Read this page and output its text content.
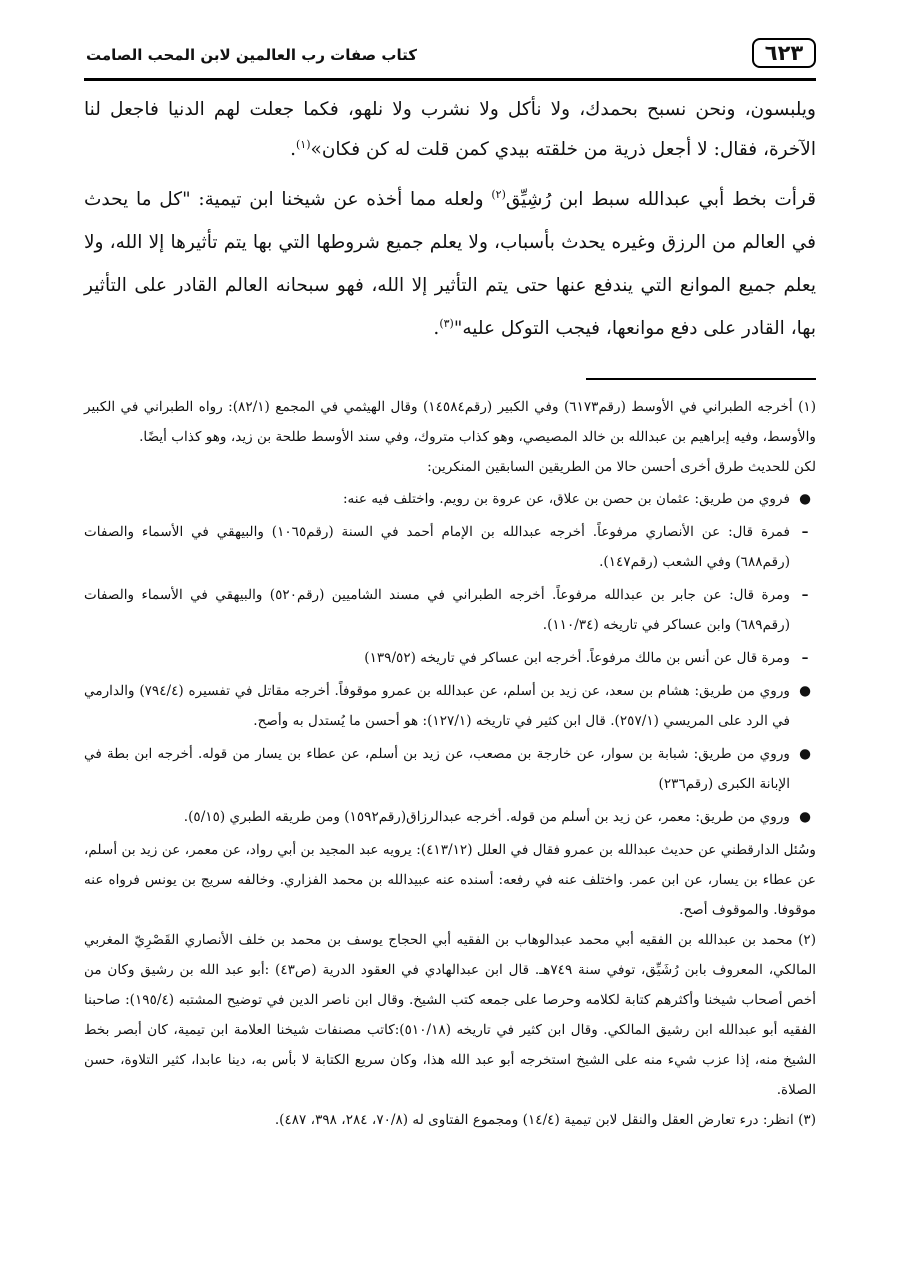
٦٢٣
كتاب صفات رب العالمين لابن المحب الصامت

ويلبسون، ونحن نسبح بحمدك، ولا نأكل ولا نشرب ولا نلهو، فكما جعلت لهم الدنيا فاجعل لنا الآخرة، فقال: لا أجعل ذرية من خلقته بيدي كمن قلت له كن فكان»$^{(١)}$.

قرأت بخط أبي عبدالله سبط ابن رُشِيِّق$^{(٢)}$ ولعله مما أخذه عن شيخنا ابن تيمية: "كل ما يحدث في العالم من الرزق وغيره يحدث بأسباب، ولا يعلم جميع شروطها التي بها يتم تأثيرها إلا الله، ولا يعلم جميع الموانع التي يندفع عنها حتى يتم التأثير إلا الله، فهو سبحانه العالم القادر على التأثير بها، القادر على دفع موانعها، فيجب التوكل عليه"$^{(٣)}$.

(١) أخرجه الطبراني في الأوسط (رقم٦١٧٣) وفي الكبير (رقم١٤٥٨٤) وقال الهيثمي في المجمع (٨٢/١): رواه الطبراني في الكبير والأوسط، وفيه إبراهيم بن عبدالله بن خالد المصيصي، وهو كذاب متروك، وفي سند الأوسط طلحة بن زيد، وهو كذاب أيضًا.

لكن للحديث طرق أخرى أحسن حالا من الطريقين السابقين المنكرين:

●
فروي من طريق: عثمان بن حصن بن علاق، عن عروة بن رويم. واختلف فيه عنه:
–
فمرة قال: عن الأنصاري مرفوعاً. أخرجه عبدالله بن الإمام أحمد في السنة (رقم١٠٦٥) والبيهقي في الأسماء والصفات (رقم٦٨٨) وفي الشعب (رقم١٤٧).
–
ومرة قال: عن جابر بن عبدالله مرفوعاً. أخرجه الطبراني في مسند الشاميين (رقم٥٢٠) والبيهقي في الأسماء والصفات (رقم٦٨٩) وابن عساكر في تاريخه (١١٠/٣٤).
–
ومرة قال عن أنس بن مالك مرفوعاً. أخرجه ابن عساكر في تاريخه (١٣٩/٥٢)
●
وروي من طريق: هشام بن سعد، عن زيد بن أسلم، عن عبدالله بن عمرو موقوفاً. أخرجه مقاتل في تفسيره (٧٩٤/٤) والدارمي في الرد على المريسي (٢٥٧/١). قال ابن كثير في تاريخه (١٢٧/١): هو أحسن ما يُستدل به وأصح.
●
وروي من طريق: شبابة بن سوار، عن خارجة بن مصعب، عن زيد بن أسلم، عن عطاء بن يسار من قوله. أخرجه ابن بطة في الإبانة الكبرى (رقم٢٣٦)
●
وروي من طريق: معمر، عن زيد بن أسلم من قوله. أخرجه عبدالرزاق(رقم١٥٩٢) ومن طريقه الطبري (٥/١٥).

وسُئل الدارقطني عن حديث عبدالله بن عمرو فقال في العلل (٤١٣/١٢): يرويه عبد المجيد بن أبي رواد، عن معمر، عن زيد بن أسلم، عن عطاء بن يسار، عن ابن عمر. واختلف عنه في رفعه: أسنده عنه عبيدالله بن محمد الفزاري. وخالفه سريج بن يونس فرواه عنه موقوفا. والموقوف أصح.

(٢) محمد بن عبدالله بن الفقيه أبي محمد عبدالوهاب بن الفقيه أبي الحجاج يوسف بن محمد بن خلف الأنصاري القَصْرِيّ المغربي المالكي، المعروف بابن رُشَيِّق، توفي سنة ٧٤٩هـ. قال ابن عبدالهادي في العقود الدرية (ص٤٣) :أبو عبد الله بن رشيق وكان من أخص أصحاب شيخنا وأكثرهم كتابة لكلامه وحرصا على جمعه كتب الشيخ. وقال ابن ناصر الدين في توضيح المشتبه (١٩٥/٤): صاحبنا الفقيه أبو عبدالله ابن رشيق المالكي. وقال ابن كثير في تاريخه (٥١٠/١٨):كاتب مصنفات شيخنا العلامة ابن تيمية، كان أبصر بخط الشيخ منه، إذا عزب شيء منه على الشيخ استخرجه أبو عبد الله هذا، وكان سريع الكتابة لا بأس به، دينا عابدا، كثير التلاوة، حسن الصلاة.

(٣) انظر: درء تعارض العقل والنقل لابن تيمية (١٤/٤) ومجموع الفتاوى له (٧٠/٨، ٢٨٤، ٣٩٨، ٤٨٧).
